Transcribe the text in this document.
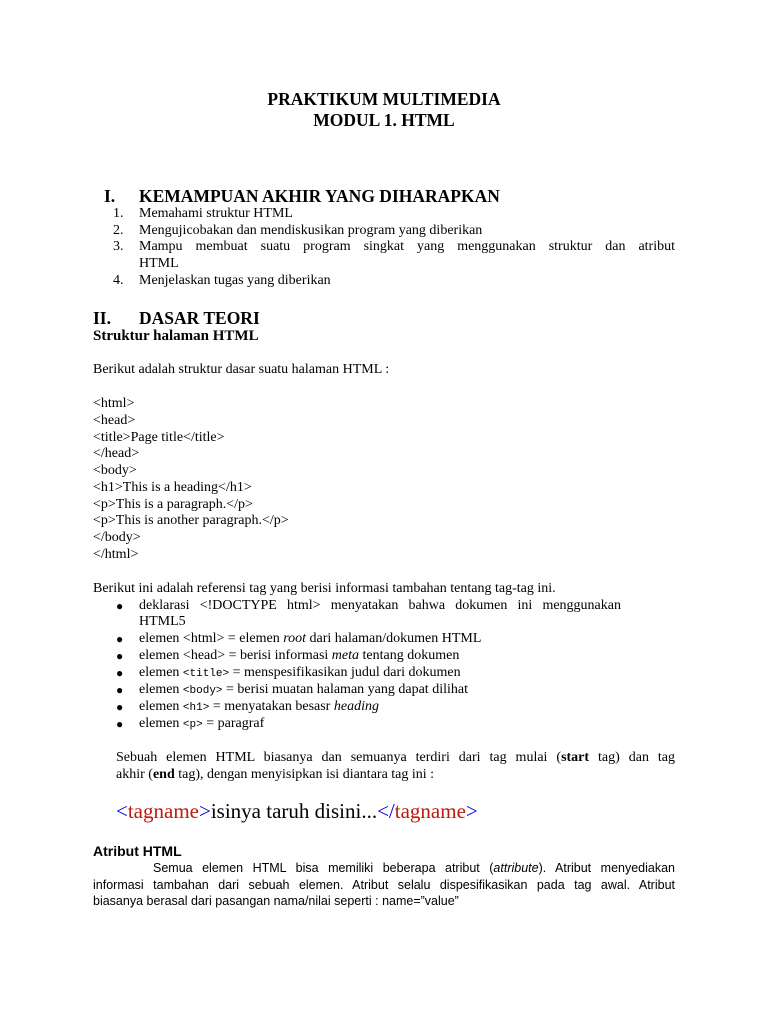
PRAKTIKUM MULTIMEDIA
MODUL 1. HTML
I. KEMAMPUAN AKHIR YANG DIHARAPKAN
1. Memahami struktur HTML
2. Mengujicobakan dan mendiskusikan program yang diberikan
3. Mampu membuat suatu program singkat yang menggunakan struktur dan atribut
HTML
4. Menjelaskan tugas yang diberikan
II. DASAR TEORI
Struktur halaman HTML
Berikut adalah struktur dasar suatu halaman HTML :
<html>
<head>
<title>Page title</title>
</head>
<body>
<h1>This is a heading</h1>
<p>This is a paragraph.</p>
<p>This is another paragraph.</p>
</body>
</html>
Berikut ini adalah referensi tag yang berisi informasi tambahan tentang tag-tag ini.
● deklarasi <!DOCTYPE html> menyatakan bahwa dokumen ini menggunakan
HTML5
● elemen <html> = elemen root dari halaman/dokumen HTML
● elemen <head> = berisi informasi meta tentang dokumen
● elemen <title> = menspesifikasikan judul dari dokumen
● elemen <body> = berisi muatan halaman yang dapat dilihat
● elemen <h1> = menyatakan besasr heading
● elemen <p> = paragraf
Sebuah elemen HTML biasanya dan semuanya terdiri dari tag mulai (start tag) dan tag
akhir (end tag), dengan menyisipkan isi diantara tag ini :
<tagname>isinya taruh disini...</tagname>
Atribut HTML
Semua elemen HTML bisa memiliki beberapa atribut (attribute). Atribut menyediakan
informasi tambahan dari sebuah elemen. Atribut selalu dispesifikasikan pada tag awal. Atribut
biasanya berasal dari pasangan nama/nilai seperti : name=”value”
